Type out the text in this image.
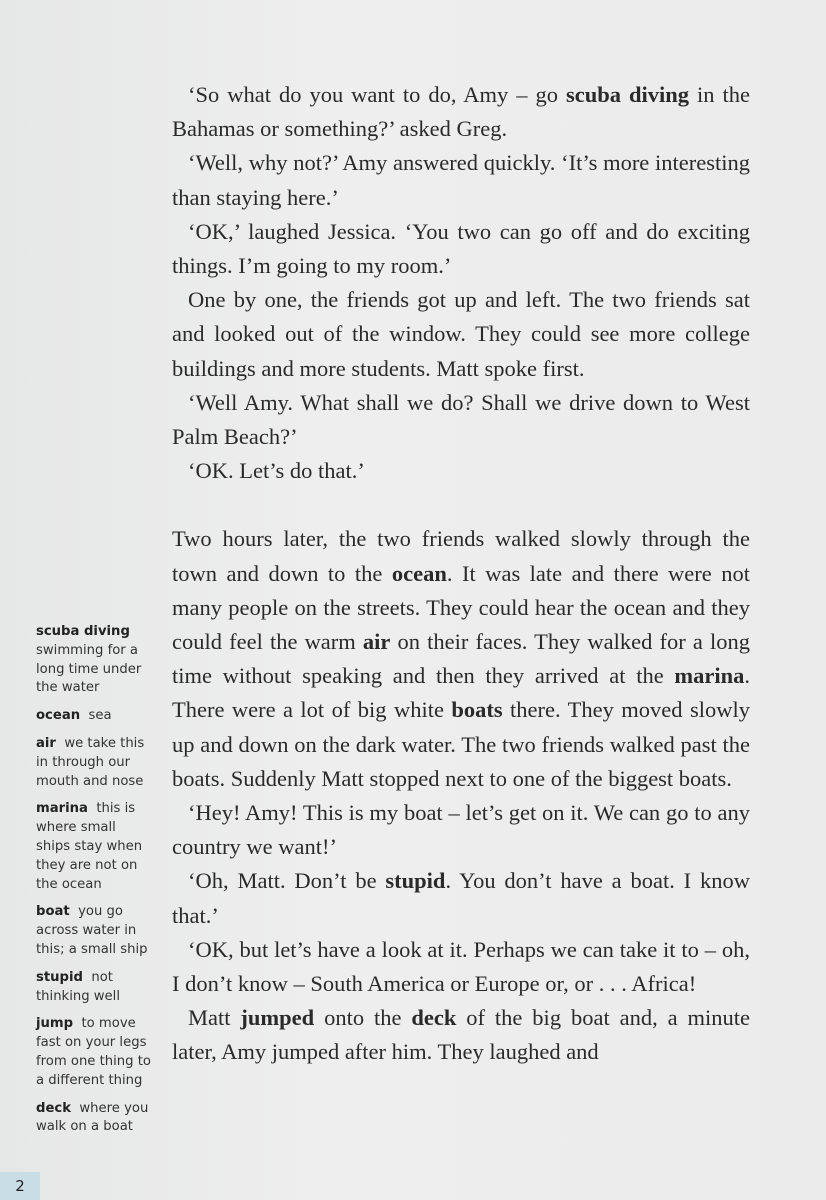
‘So what do you want to do, Amy – go scuba diving in the Bahamas or something?’ asked Greg.

‘Well, why not?’ Amy answered quickly. ‘It’s more interesting than staying here.’

‘OK,’ laughed Jessica. ‘You two can go off and do exciting things. I’m going to my room.’

One by one, the friends got up and left. The two friends sat and looked out of the window. They could see more college buildings and more students. Matt spoke first.

‘Well Amy. What shall we do? Shall we drive down to West Palm Beach?’

‘OK. Let’s do that.’

Two hours later, the two friends walked slowly through the town and down to the ocean. It was late and there were not many people on the streets. They could hear the ocean and they could feel the warm air on their faces. They walked for a long time without speaking and then they arrived at the marina. There were a lot of big white boats there. They moved slowly up and down on the dark water. The two friends walked past the boats. Suddenly Matt stopped next to one of the biggest boats.

‘Hey! Amy! This is my boat – let’s get on it. We can go to any country we want!’

‘Oh, Matt. Don’t be stupid. You don’t have a boat. I know that.’

‘OK, but let’s have a look at it. Perhaps we can take it to – oh, I don’t know – South America or Europe or, or . . . Africa!

Matt jumped onto the deck of the big boat and, a minute later, Amy jumped after him. They laughed and

scuba diving  swimming for a long time under the water
ocean sea
air we take this in through our mouth and nose
marina this is where small ships stay when they are not on the ocean
boat you go across water in this; a small ship
stupid not thinking well
jump to move fast on your legs from one thing to a different thing
deck where you walk on a boat
2
